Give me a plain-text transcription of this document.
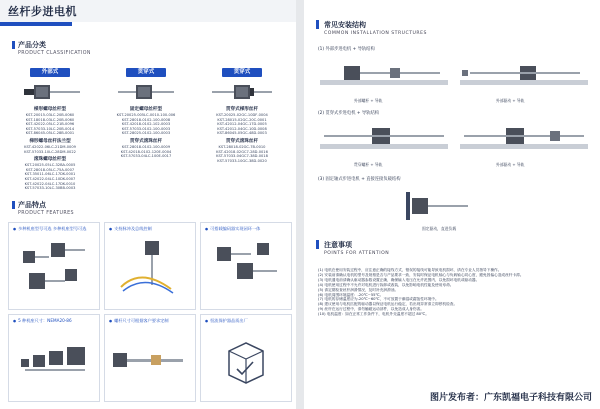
丝杆步进电机
产品分类
PRODUCT CLASSIFICATION
外部式
梯形螺母丝杆型
KST-20015-03LC-20B-0060
KST-18018-03LC-20B-0060
KST-42022-05LC-21B-0096
KST-57033-10LC-20B-0014
KST-86045-05LC-28B-0001
梯形螺母丝杆法兰型
KST-42022-06LC-21DM-0009
KST-57033-10LC-28DM-0022
滚珠螺母丝杆型
KST-20025-05LC-32BA-0005
KST-28018-05LC-75A-0007
KST-35011-06LC-17DK-0001
KST-42022-04LC-10DK-0007
KST-42022-04LC-17DK-0010
KST-57033-10LC-30BB-0003
贯穿式
固定螺母丝杆型
KST-20025-005LC-0010-100-006
KST-28018-0102-100-0008
KST-42018-0102-102-0003
KST-57033-0102-100-0003
KST-28025-0102-100-0003
贯穿式滚珠丝杆
KST-28018-0102-100-0009
KST-42018-0102-120E-0004
KST-57033-04LC-100E-0017
贯穿式
贯穿式梯形丝杆
KST-20025-02GC-10DF-0004
KST-28015-02GC-20C-0001
KST-42012-04GC-17D-0005
KST-42012-04GC-10D-0008
KST-86045-05GC-48D-0003
贯穿式滚珠丝杆
KST-28018-02GC-7B-0010
KST-42018-02GC7-28D-0016
KST-57033-04GC7-38D-0018
KST-57033-10GC-38D-0020
产品特点
PRODUCT FEATURES
● 多种机座型号可选 多种机座型号可选	● 支持脉冲及总线控制	● 可搭载编码器实现闭环一体
● 5 种机座尺寸：NEMA20-86	● 螺杆尺寸可根据客户要求定制	● 恒流保护器品质出厂
常见安装结构
COMMON INSTALLATION STRUCTURES
(1) 外部步进电机 + 导轨结构
外部螺杆 + 导轨	外部驱动 + 导轨
(2) 贯穿式步进电机 + 导轨结构
贯穿螺杆 + 导轨	外部驱动 + 导轨
(3) 固定轴式步进电机 + 直接连接负载结构
固定驱动，直进负载
注意事项
POINTS FOR ATTENTION
(1) 电机在使用安装过程中，应注意正确的接线方式，错误的接线可能导致电机损坏，请在专业人员指导下操作。
(2) 安装前请确认电机的型号及规格是否与产品要求一致，安装时保证电机轴心与负载轴心同心度，避免因偏心造成丝杆卡滞。
(3) 电机通电前请确认驱动器参数设置正确，确保输入电压在允许范围内，以免损坏电机或驱动器。
(4) 电机使用过程中不允许对电机进行拆卸或改装，以免影响电机性能及使用寿命。
(5) 请定期检查丝杆润滑情况，及时补充润滑油。
(6) 电机周围环境温度：-20℃~55℃。
(7) 电机的存储温度应为-20℃~60℃，不可放置于潮湿或腐蚀性环境中。
(8) 建议使用与电机匹配的驱动器以保证电机运行稳定，若出现异常请立即停机检查。
(9) 丝杆在运行过程中，请勿触碰运动部件，以免造成人身伤害。
(10) 电机温度：如在正常工作条件下，电机外壳温度不超过 80℃。
图片发布者：广东凯福电子科技有限公司
